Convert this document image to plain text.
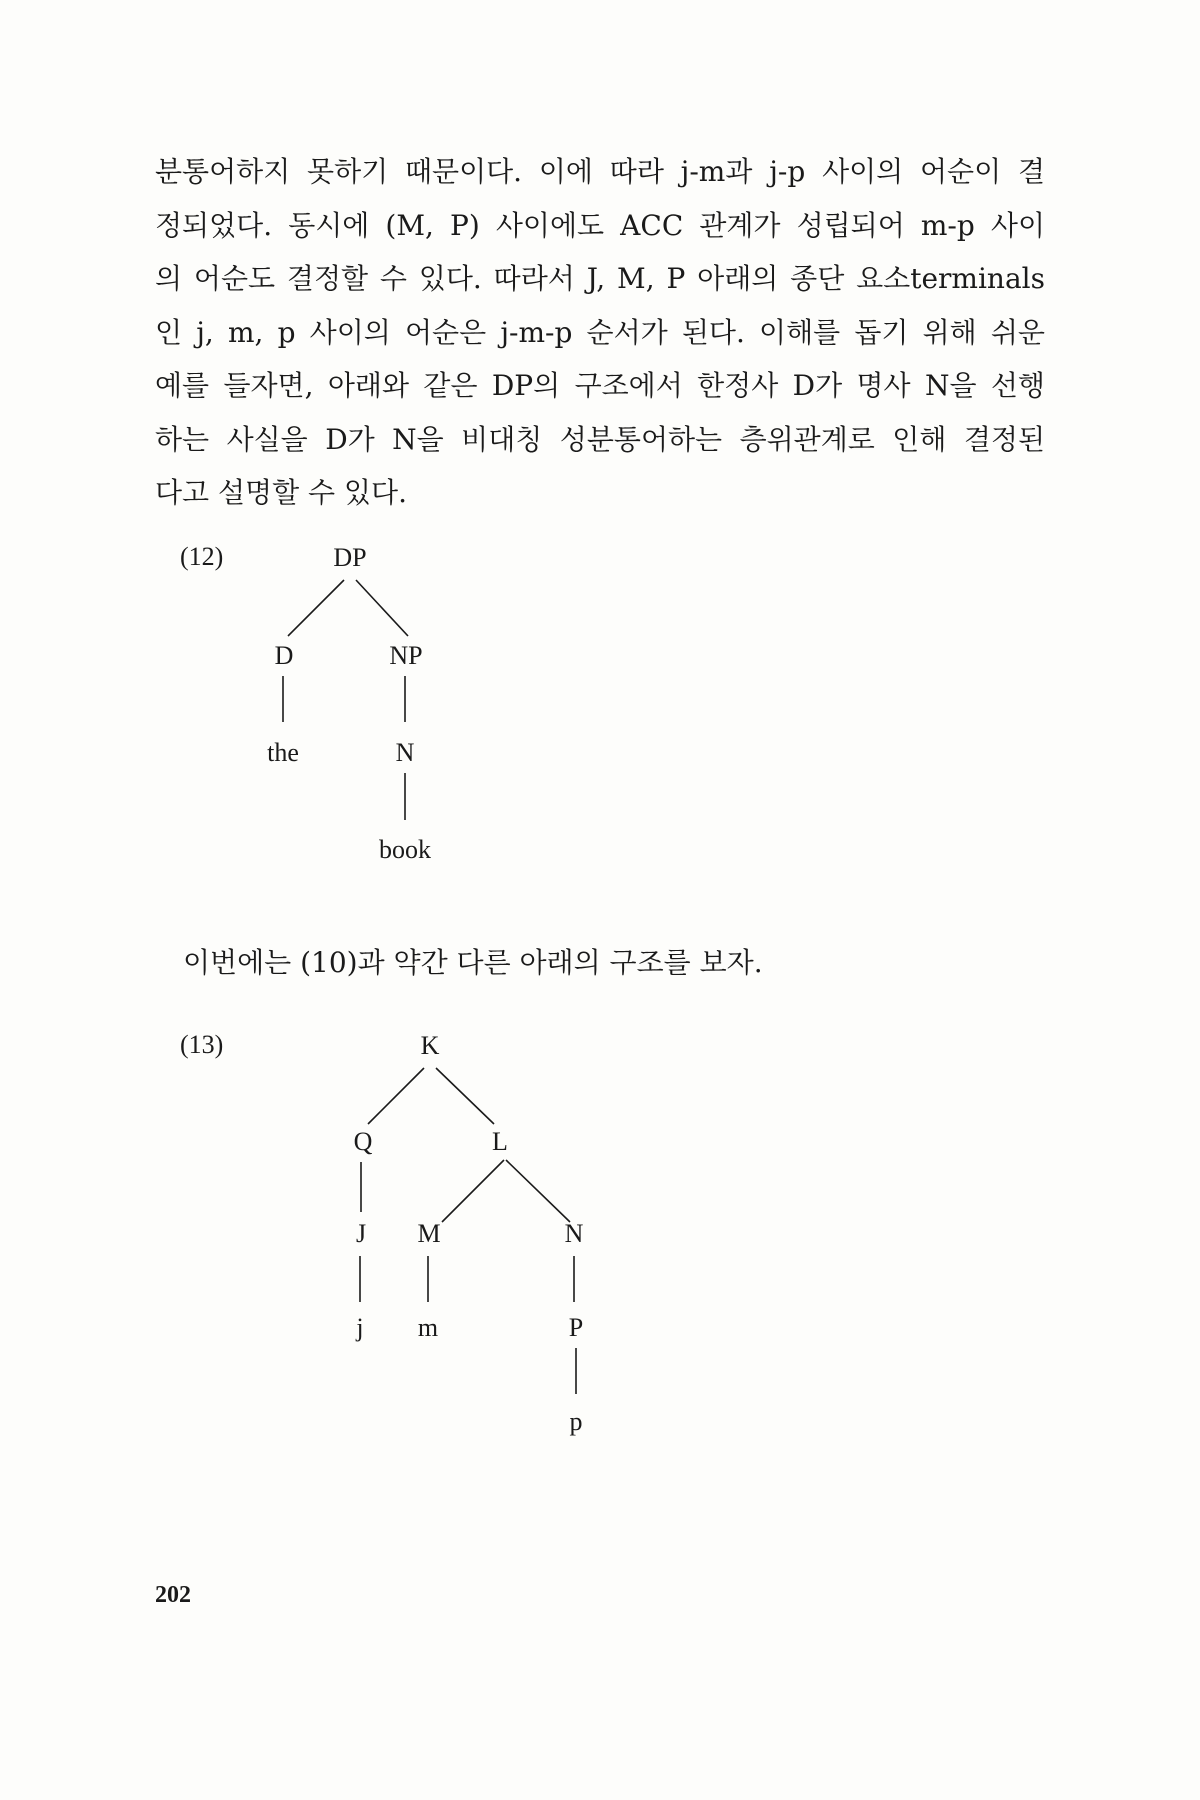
분통어하지 못하기 때문이다. 이에 따라 j-m과 j-p 사이의 어순이 결
정되었다. 동시에 (M, P) 사이에도 ACC 관계가 성립되어 m-p 사이
의 어순도 결정할 수 있다. 따라서 J, M, P 아래의 종단 요소terminals
인 j, m, p 사이의 어순은 j-m-p 순서가 된다. 이해를 돕기 위해 쉬운
예를 들자면, 아래와 같은 DP의 구조에서 한정사 D가 명사 N을 선행
하는 사실을 D가 N을 비대칭 성분통어하는 층위관계로 인해 결정된
다고 설명할 수 있다.
(12)	DP
D	NP
the	N
book
이번에는 (10)과 약간 다른 아래의 구조를 보자.
(13)	K
Q	L
J M	N
j m	P
p
202
